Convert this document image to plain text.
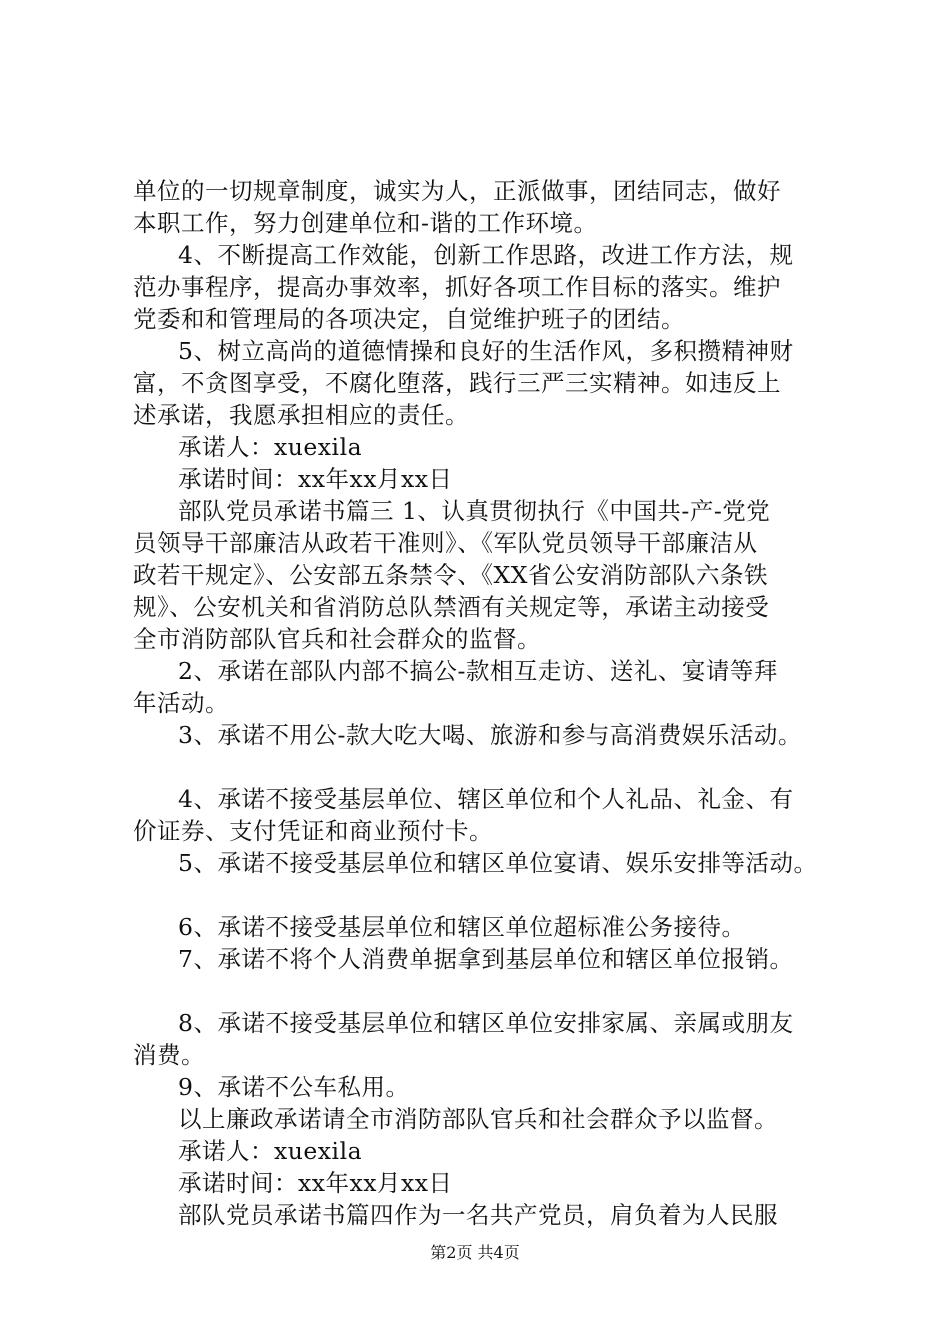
单位的一切规章制度，诚实为人，正派做事，团结同志，做好
本职工作，努力创建单位和-谐的工作环境。
4、不断提高工作效能，创新工作思路，改进工作方法，规
范办事程序，提高办事效率，抓好各项工作目标的落实。维护
党委和和管理局的各项决定，自觉维护班子的团结。
5、树立高尚的道德情操和良好的生活作风，多积攒精神财
富，不贪图享受，不腐化堕落，践行三严三实精神。如违反上
述承诺，我愿承担相应的责任。
承诺人：xuexila
承诺时间：xx年xx月xx日
部队党员承诺书篇三 1、认真贯彻执行《中国共-产-党党
员领导干部廉洁从政若干准则》、《军队党员领导干部廉洁从
政若干规定》、公安部五条禁令、《XX省公安消防部队六条铁
规》、公安机关和省消防总队禁酒有关规定等，承诺主动接受
全市消防部队官兵和社会群众的监督。
2、承诺在部队内部不搞公-款相互走访、送礼、宴请等拜
年活动。
3、承诺不用公-款大吃大喝、旅游和参与高消费娱乐活动。
4、承诺不接受基层单位、辖区单位和个人礼品、礼金、有
价证券、支付凭证和商业预付卡。
5、承诺不接受基层单位和辖区单位宴请、娱乐安排等活动。
6、承诺不接受基层单位和辖区单位超标准公务接待。
7、承诺不将个人消费单据拿到基层单位和辖区单位报销。
8、承诺不接受基层单位和辖区单位安排家属、亲属或朋友
消费。
9、承诺不公车私用。
以上廉政承诺请全市消防部队官兵和社会群众予以监督。
承诺人：xuexila
承诺时间：xx年xx月xx日
部队党员承诺书篇四作为一名共产党员，肩负着为人民服
第2页 共4页
